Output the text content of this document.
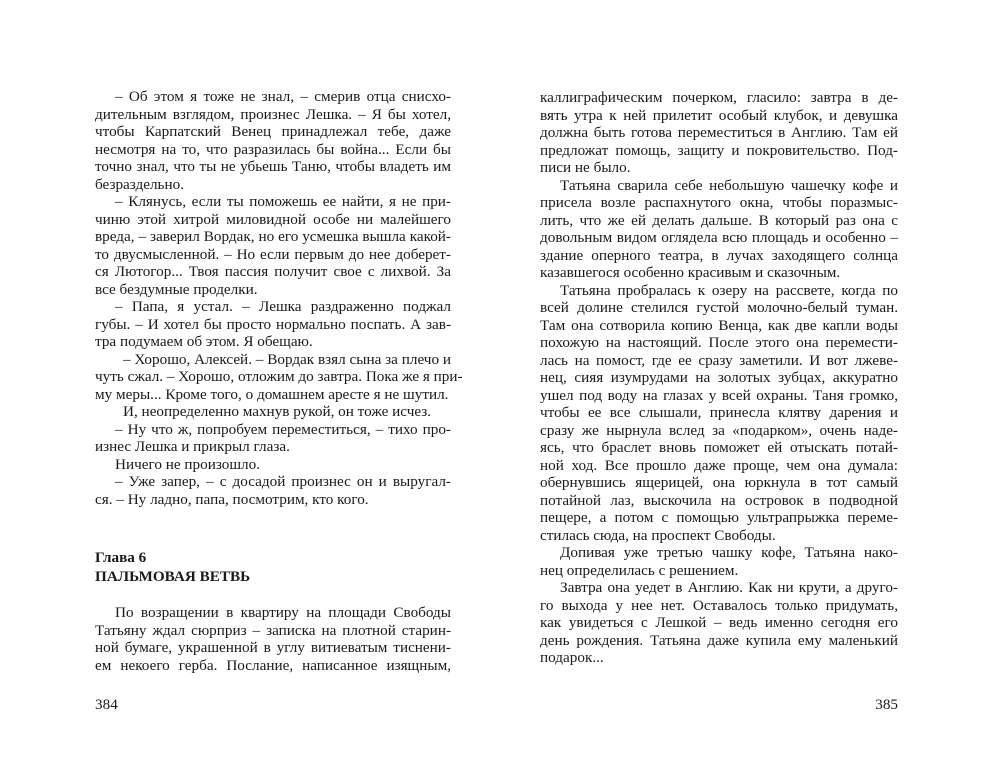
– Об этом я тоже не знал, – смерив отца снисхо-
дительным взглядом, произнес Лешка. – Я бы хотел,
чтобы Карпатский Венец принадлежал тебе, даже
несмотря на то, что разразилась бы война... Если бы
точно знал, что ты не убьешь Таню, чтобы владеть им
безраздельно.
– Клянусь, если ты поможешь ее найти, я не при-
чиню этой хитрой миловидной особе ни малейшего
вреда, – заверил Вордак, но его усмешка вышла какой-
то двусмысленной. – Но если первым до нее доберет-
ся Лютогор... Твоя пассия получит свое с лихвой. За
все бездумные проделки.
– Папа, я устал. – Лешка раздраженно поджал
губы. – И хотел бы просто нормально поспать. А зав-
тра подумаем об этом. Я обещаю.
– Хорошо, Алексей. – Вордак взял сына за плечо и
чуть сжал. – Хорошо, отложим до завтра. Пока же я при-
му меры... Кроме того, о домашнем аресте я не шутил.
И, неопределенно махнув рукой, он тоже исчез.
– Ну что ж, попробуем переместиться, – тихо про-
изнес Лешка и прикрыл глаза.
Ничего не произошло.
– Уже запер, – с досадой произнес он и выругал-
ся. – Ну ладно, папа, посмотрим, кто кого.
Глава 6
ПАЛЬМОВАЯ ВЕТВЬ
По возращении в квартиру на площади Свободы
Татьяну ждал сюрприз – записка на плотной старин-
ной бумаге, украшенной в углу витиеватым тиснени-
ем некоего герба. Послание, написанное изящным,
384
каллиграфическим почерком, гласило: завтра в де-
вять утра к ней прилетит особый клубок, и девушка
должна быть готова переместиться в Англию. Там ей
предложат помощь, защиту и покровительство. Под-
писи не было.
Татьяна сварила себе небольшую чашечку кофе и
присела возле распахнутого окна, чтобы поразмыс-
лить, что же ей делать дальше. В который раз она с
довольным видом оглядела всю площадь и особенно –
здание оперного театра, в лучах заходящего солнца
казавшегося особенно красивым и сказочным.
Татьяна пробралась к озеру на рассвете, когда по
всей долине стелился густой молочно-белый туман.
Там она сотворила копию Венца, как две капли воды
похожую на настоящий. После этого она перемести-
лась на помост, где ее сразу заметили. И вот лжеве-
нец, сияя изумрудами на золотых зубцах, аккуратно
ушел под воду на глазах у всей охраны. Таня громко,
чтобы ее все слышали, принесла клятву дарения и
сразу же нырнула вслед за «подарком», очень наде-
ясь, что браслет вновь поможет ей отыскать потай-
ной ход. Все прошло даже проще, чем она думала:
обернувшись ящерицей, она юркнула в тот самый
потайной лаз, выскочила на островок в подводной
пещере, а потом с помощью ультрапрыжка переме-
стилась сюда, на проспект Свободы.
Допивая уже третью чашку кофе, Татьяна нако-
нец определилась с решением.
Завтра она уедет в Англию. Как ни крути, а друго-
го выхода у нее нет. Оставалось только придумать,
как увидеться с Лешкой – ведь именно сегодня его
день рождения. Татьяна даже купила ему маленький
подарок...
385
